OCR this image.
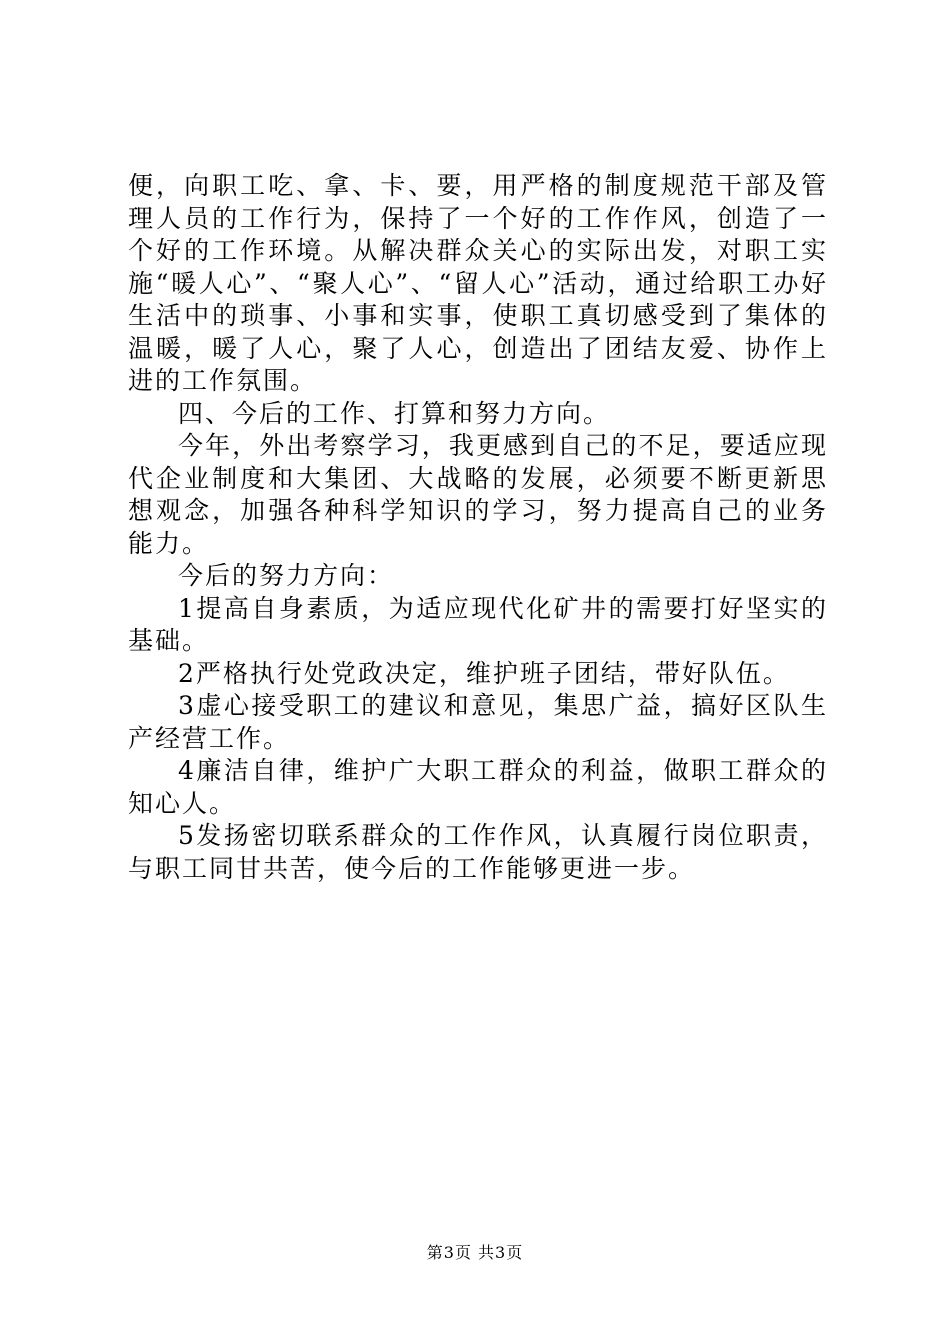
便，向职工吃、拿、卡、要，用严格的制度规范干部及管理人员的工作行为，保持了一个好的工作作风，创造了一个好的工作环境。从解决群众关心的实际出发，对职工实施“暖人心”、“聚人心”、“留人心”活动，通过给职工办好生活中的琐事、小事和实事，使职工真切感受到了集体的温暖，暖了人心，聚了人心，创造出了团结友爱、协作上进的工作氛围。

四、今后的工作、打算和努力方向。

今年，外出考察学习，我更感到自己的不足，要适应现代企业制度和大集团、大战略的发展，必须要不断更新思想观念，加强各种科学知识的学习，努力提高自己的业务能力。

今后的努力方向：

1提高自身素质，为适应现代化矿井的需要打好坚实的基础。

2严格执行处党政决定，维护班子团结，带好队伍。

3虚心接受职工的建议和意见，集思广益，搞好区队生产经营工作。

4廉洁自律，维护广大职工群众的利益，做职工群众的知心人。

5发扬密切联系群众的工作作风，认真履行岗位职责，与职工同甘共苦，使今后的工作能够更进一步。

第3页 共3页
